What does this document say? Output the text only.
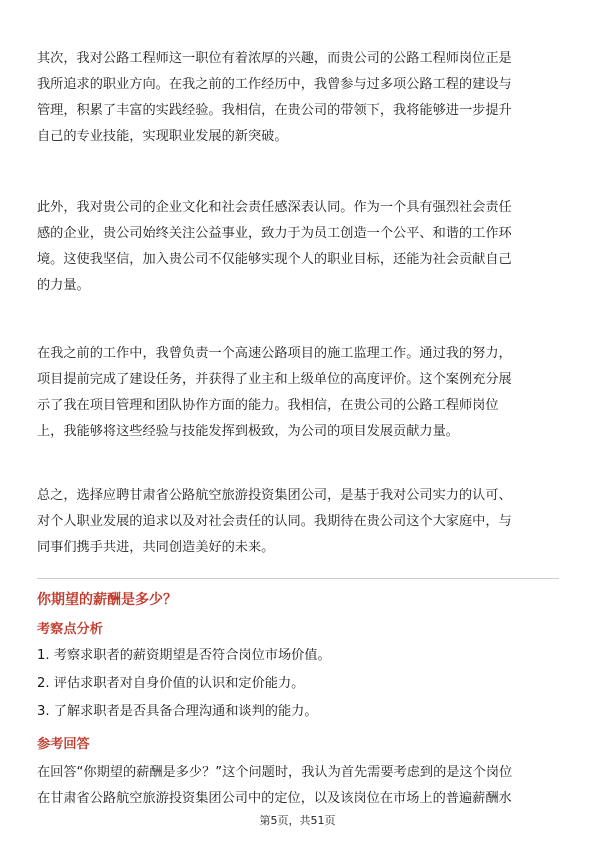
其次，我对公路工程师这一职位有着浓厚的兴趣，而贵公司的公路工程师岗位正是
我所追求的职业方向。在我之前的工作经历中，我曾参与过多项公路工程的建设与
管理，积累了丰富的实践经验。我相信，在贵公司的带领下，我将能够进一步提升
自己的专业技能，实现职业发展的新突破。
此外，我对贵公司的企业文化和社会责任感深表认同。作为一个具有强烈社会责任
感的企业，贵公司始终关注公益事业，致力于为员工创造一个公平、和谐的工作环
境。这使我坚信，加入贵公司不仅能够实现个人的职业目标，还能为社会贡献自己
的力量。
在我之前的工作中，我曾负责一个高速公路项目的施工监理工作。通过我的努力，
项目提前完成了建设任务，并获得了业主和上级单位的高度评价。这个案例充分展
示了我在项目管理和团队协作方面的能力。我相信，在贵公司的公路工程师岗位
上，我能够将这些经验与技能发挥到极致，为公司的项目发展贡献力量。
总之，选择应聘甘肃省公路航空旅游投资集团公司，是基于我对公司实力的认可、
对个人职业发展的追求以及对社会责任的认同。我期待在贵公司这个大家庭中，与
同事们携手共进，共同创造美好的未来。
你期望的薪酬是多少？
考察点分析
1. 考察求职者的薪资期望是否符合岗位市场价值。
2. 评估求职者对自身价值的认识和定价能力。
3. 了解求职者是否具备合理沟通和谈判的能力。
参考回答
在回答“你期望的薪酬是多少？”这个问题时，我认为首先需要考虑到的是这个岗位
在甘肃省公路航空旅游投资集团公司中的定位，以及该岗位在市场上的普遍薪酬水
第5页，共51页
